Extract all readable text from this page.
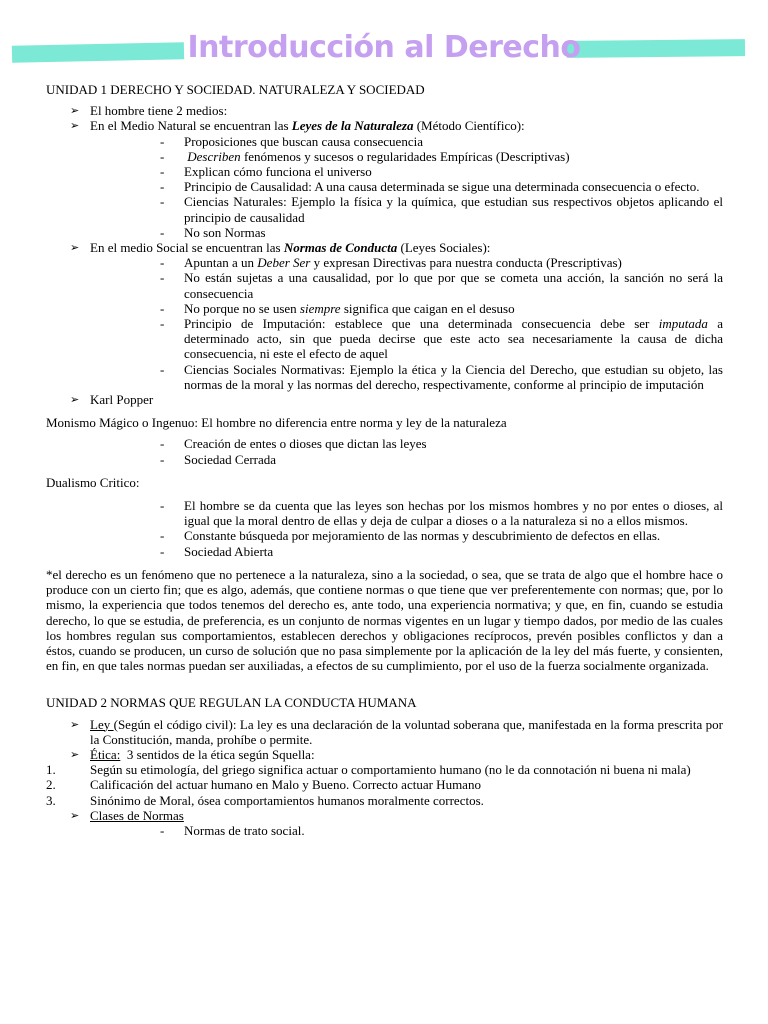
Introducción al Derecho

UNIDAD 1 DERECHO Y SOCIEDAD. NATURALEZA Y SOCIEDAD

➢ El hombre tiene 2 medios:
➢ En el Medio Natural se encuentran las Leyes de la Naturaleza (Método Científico):
- Proposiciones que buscan causa consecuencia
- Describen fenómenos y sucesos o regularidades Empíricas (Descriptivas)
- Explican cómo funciona el universo
- Principio de Causalidad: A una causa determinada se sigue una determinada consecuencia o efecto.
- Ciencias Naturales: Ejemplo la física y la química, que estudian sus respectivos objetos aplicando el principio de causalidad
- No son Normas
➢ En el medio Social se encuentran las Normas de Conducta (Leyes Sociales):
- Apuntan a un Deber Ser y expresan Directivas para nuestra conducta (Prescriptivas)
- No están sujetas a una causalidad, por lo que por que se cometa una acción, la sanción no será la consecuencia
- No porque no se usen siempre significa que caigan en el desuso
- Principio de Imputación: establece que una determinada consecuencia debe ser imputada a determinado acto, sin que pueda decirse que este acto sea necesariamente la causa de dicha consecuencia, ni este el efecto de aquel
- Ciencias Sociales Normativas: Ejemplo la ética y la Ciencia del Derecho, que estudian su objeto, las normas de la moral y las normas del derecho, respectivamente, conforme al principio de imputación
➢ Karl Popper

Monismo Mágico o Ingenuo: El hombre no diferencia entre norma y ley de la naturaleza

- Creación de entes o dioses que dictan las leyes
- Sociedad Cerrada

Dualismo Critico:

- El hombre se da cuenta que las leyes son hechas por los mismos hombres y no por entes o dioses, al igual que la moral dentro de ellas y deja de culpar a dioses o a la naturaleza si no a ellos mismos.
- Constante búsqueda por mejoramiento de las normas y descubrimiento de defectos en ellas.
- Sociedad Abierta

*el derecho es un fenómeno que no pertenece a la naturaleza, sino a la sociedad, o sea, que se trata de algo que el hombre hace o produce con un cierto fin; que es algo, además, que contiene normas o que tiene que ver preferentemente con normas; que, por lo mismo, la experiencia que todos tenemos del derecho es, ante todo, una experiencia normativa; y que, en fin, cuando se estudia derecho, lo que se estudia, de preferencia, es un conjunto de normas vigentes en un lugar y tiempo dados, por medio de las cuales los hombres regulan sus comportamientos, establecen derechos y obligaciones recíprocos, prevén posibles conflictos y dan a éstos, cuando se producen, un curso de solución que no pasa simplemente por la aplicación de la ley del más fuerte, y consienten, en fin, en que tales normas puedan ser auxiliadas, a efectos de su cumplimiento, por el uso de la fuerza socialmente organizada.

UNIDAD 2 NORMAS QUE REGULAN LA CONDUCTA HUMANA

➢ Ley (Según el código civil): La ley es una declaración de la voluntad soberana que, manifestada en la forma prescrita por la Constitución, manda, prohíbe o permite.
➢ Ética:  3 sentidos de la ética según Squella:
1.	Según su etimología, del griego significa actuar o comportamiento humano (no le da connotación ni buena ni mala)
2.	Calificación del actuar humano en Malo y Bueno. Correcto actuar Humano
3.	Sinónimo de Moral, ósea comportamientos humanos moralmente correctos.
➢ Clases de Normas
- Normas de trato social.
